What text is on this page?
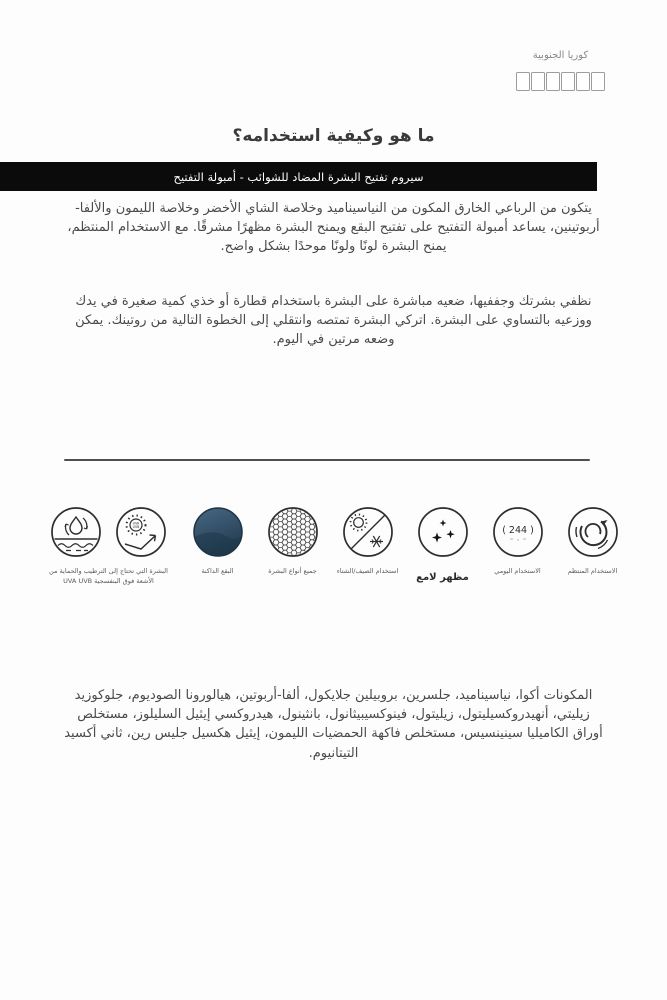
كوريا الجنوبية
ما هو وكيفية استخدامه؟
سيروم تفتيح البشرة المضاد للشوائب - أمبولة التفتيح
يتكون من الرباعي الخارق المكون من النياسيناميد وخلاصة الشاي الأخضر وخلاصة الليمون والألفا-أربوتينين، يساعد أمبولة التفتيح على تفتيح البقع ويمنح البشرة مظهرًا مشرقًا. مع الاستخدام المنتظم، يمنح البشرة لونًا ولونًا موحدًا بشكل واضح.
نظفي بشرتك وجففيها، ضعيه مباشرة على البشرة باستخدام قطارة أو خذي كمية صغيرة في يدك ووزعيه بالتساوي على البشرة. اتركي البشرة تمتصه وانتقلي إلى الخطوة التالية من روتينك. يمكن وضعه مرتين في اليوم.
UVA
UVB
البشرة التي تحتاج إلى الترطيب والحماية من الأشعة فوق البنفسجية UVA UVB
البقع الداكنة	جميع أنواع البشرة	استخدام الصيف/الشتاء
مظهر لامع
( 244 )
الاستخدام اليومي	الاستخدام المنتظم
المكونات أكوا، نياسيناميد، جلسرين، بروبيلين جلايكول، ألفا-أربوتين، هيالورونا الصوديوم، جلوكوزيد زيليتي، أنهيدروكسيليتول، زيليتول، فينوكسيبيثانول، بانثينول، هيدروكسي إيثيل السليلوز، مستخلص أوراق الكاميليا سينينسيس، مستخلص فاكهة الحمضيات الليمون، إيثيل هكسيل جليس رين، ثاني أكسيد التيتانيوم.
